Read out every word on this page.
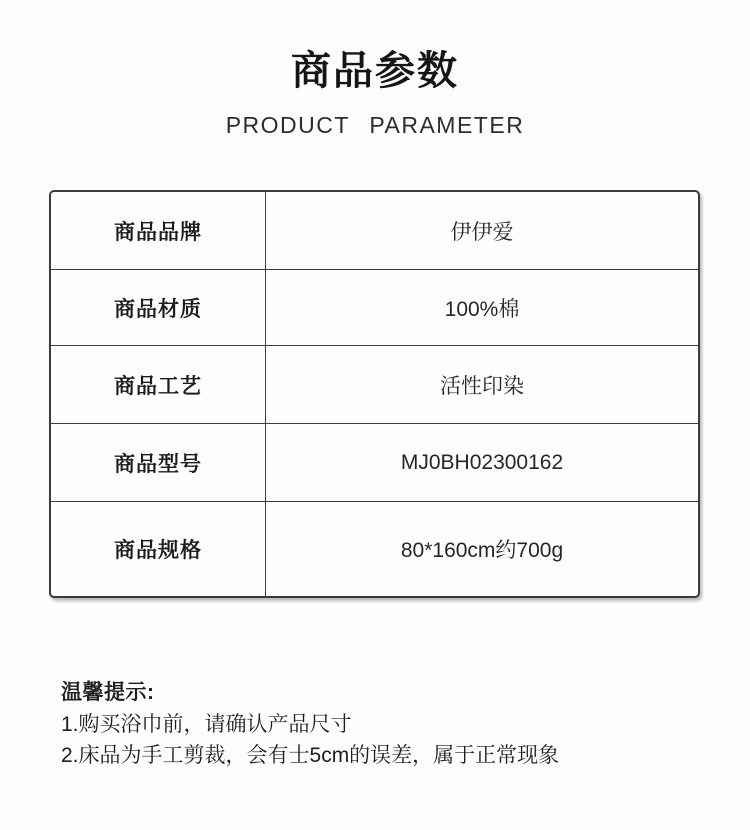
商品参数
PRODUCT PARAMETER
商品品牌	伊伊爱
商品材质	100%棉
商品工艺	活性印染
商品型号	MJ0BH02300162
商品规格	80*160cm约700g
温馨提示:
1.购买浴巾前，请确认产品尺寸
2.床品为手工剪裁，会有士5cm的误差，属于正常现象
